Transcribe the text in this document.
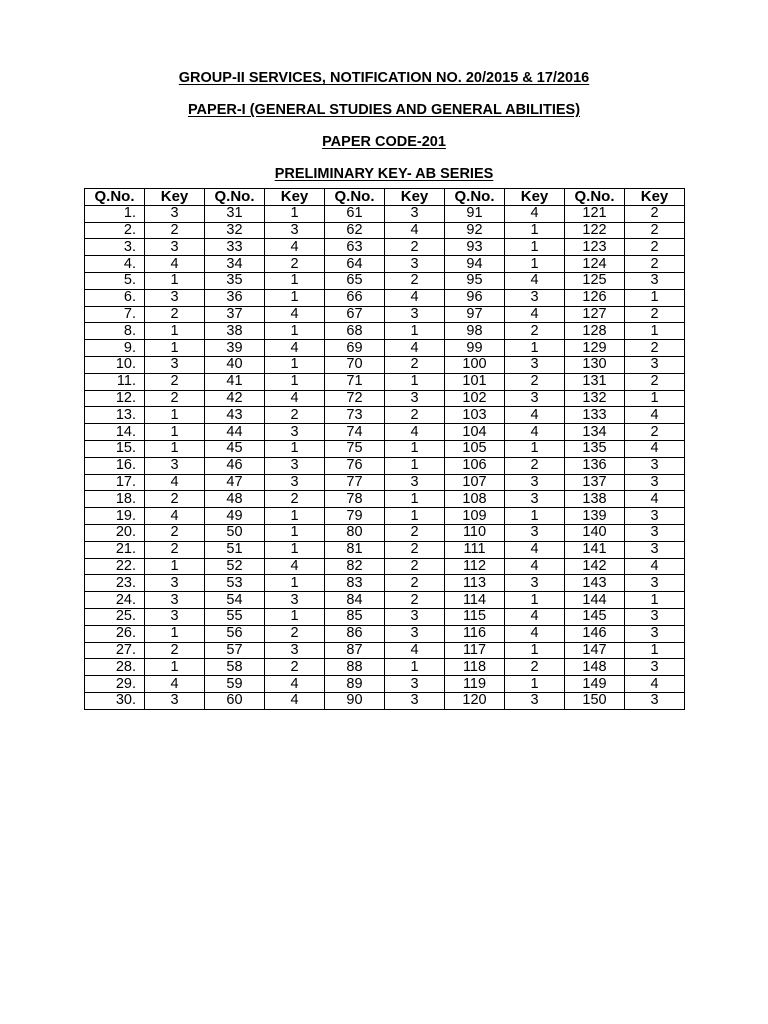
GROUP-II SERVICES, NOTIFICATION NO. 20/2015 & 17/2016

PAPER-I (GENERAL STUDIES AND GENERAL ABILITIES)

PAPER CODE-201

PRELIMINARY KEY- AB SERIES

Q.No.	Key	Q.No.	Key	Q.No.	Key	Q.No.	Key	Q.No.	Key
1.	3	31	1	61	3	91	4	121	2
2.	2	32	3	62	4	92	1	122	2
3.	3	33	4	63	2	93	1	123	2
4.	4	34	2	64	3	94	1	124	2
5.	1	35	1	65	2	95	4	125	3
6.	3	36	1	66	4	96	3	126	1
7.	2	37	4	67	3	97	4	127	2
8.	1	38	1	68	1	98	2	128	1
9.	1	39	4	69	4	99	1	129	2
10.	3	40	1	70	2	100	3	130	3
11.	2	41	1	71	1	101	2	131	2
12.	2	42	4	72	3	102	3	132	1
13.	1	43	2	73	2	103	4	133	4
14.	1	44	3	74	4	104	4	134	2
15.	1	45	1	75	1	105	1	135	4
16.	3	46	3	76	1	106	2	136	3
17.	4	47	3	77	3	107	3	137	3
18.	2	48	2	78	1	108	3	138	4
19.	4	49	1	79	1	109	1	139	3
20.	2	50	1	80	2	110	3	140	3
21.	2	51	1	81	2	111	4	141	3
22.	1	52	4	82	2	112	4	142	4
23.	3	53	1	83	2	113	3	143	3
24.	3	54	3	84	2	114	1	144	1
25.	3	55	1	85	3	115	4	145	3
26.	1	56	2	86	3	116	4	146	3
27.	2	57	3	87	4	117	1	147	1
28.	1	58	2	88	1	118	2	148	3
29.	4	59	4	89	3	119	1	149	4
30.	3	60	4	90	3	120	3	150	3
